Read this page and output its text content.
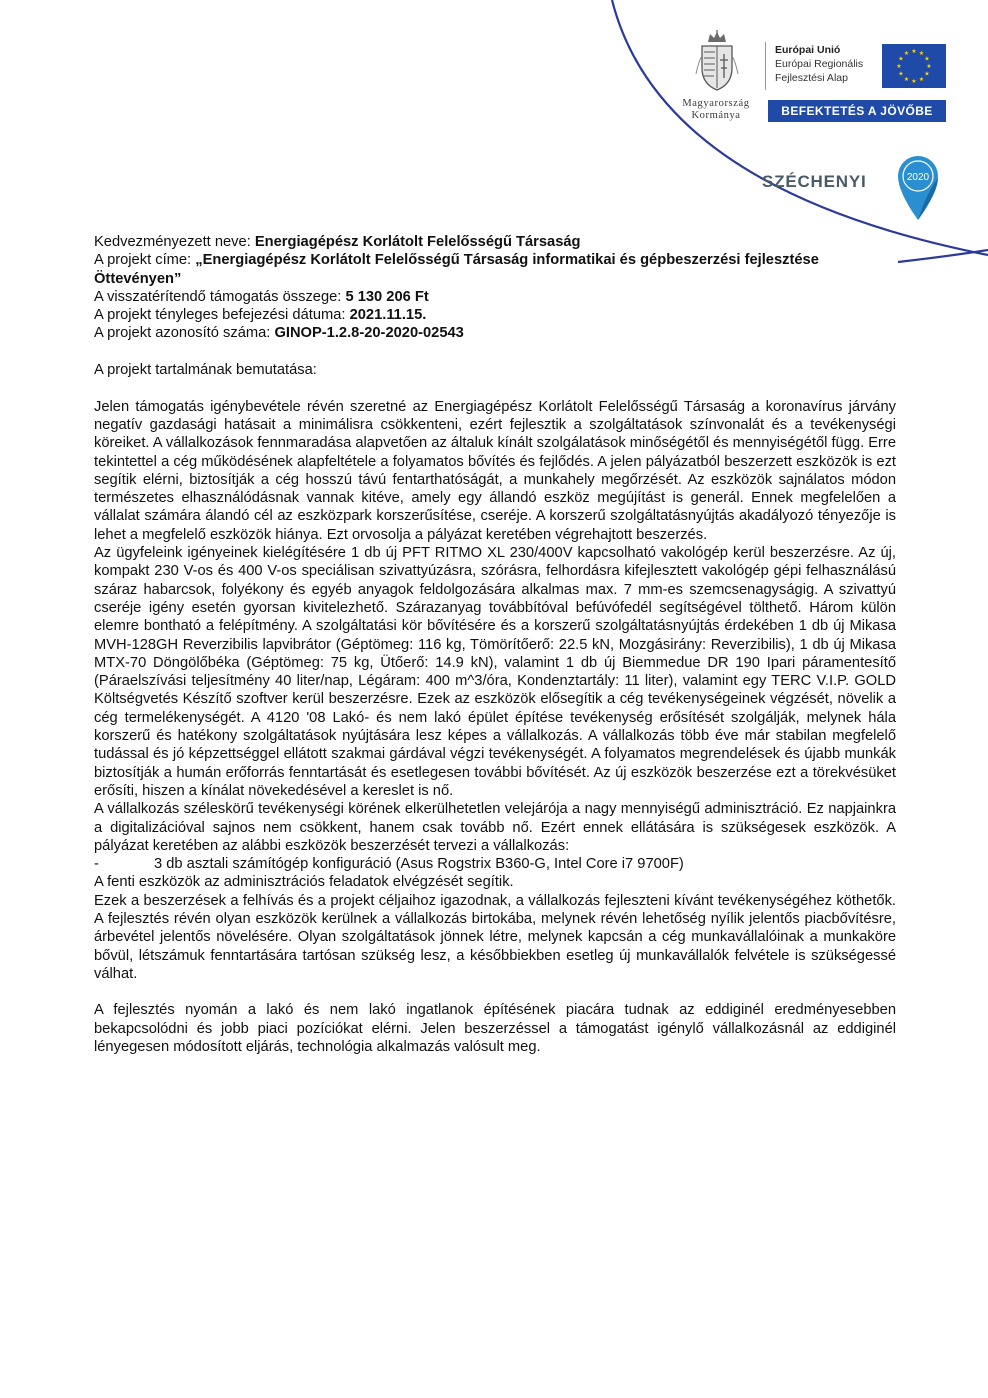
Magyarország
Kormánya
Európai Unió
Európai Regionális
Fejlesztési Alap
★ ★
★
★
★
★
★
★
★
★
★
★
BEFEKTETÉS A JÖVŐBE
SZÉCHENYI	2020

Kedvezményezett neve: Energiagépész Korlátolt Felelősségű Társaság

A projekt címe: „Energiagépész Korlátolt Felelősségű Társaság informatikai és gépbeszerzési fejlesztése Öttevényen”

A visszatérítendő támogatás összege: 5 130 206 Ft

A projekt tényleges befejezési dátuma: 2021.11.15.

A projekt azonosító száma: GINOP-1.2.8-20-2020-02543

A projekt tartalmának bemutatása:

Jelen támogatás igénybevétele révén szeretné az Energiagépész Korlátolt Felelősségű Társaság a koronavírus járvány negatív gazdasági hatásait a minimálisra csökkenteni, ezért fejlesztik a szolgáltatások színvonalát és a tevékenységi köreiket. A vállalkozások fennmaradása alapvetően az általuk kínált szolgálatások minőségétől és mennyiségétől függ. Erre tekintettel a cég működésének alapfeltétele a folyamatos bővítés és fejlődés. A jelen pályázatból beszerzett eszközök is ezt segítik elérni, biztosítják a cég hosszú távú fentarthatóságát, a munkahely megőrzését. Az eszközök sajnálatos módon természetes elhasználódásnak vannak kitéve, amely egy állandó eszköz megújítást is generál. Ennek megfelelően a vállalat számára álandó cél az eszközpark korszerűsítése, cseréje. A korszerű szolgáltatásnyújtás akadályozó tényezője is lehet a megfelelő eszközök hiánya. Ezt orvosolja a pályázat keretében végrehajtott beszerzés.

Az ügyfeleink igényeinek kielégítésére 1 db új PFT RITMO XL 230/400V kapcsolható vakológép kerül beszerzésre. Az új, kompakt 230 V-os és 400 V-os speciálisan szivattyúzásra, szórásra, felhordásra kifejlesztett vakológép gépi felhasználású száraz habarcsok, folyékony és egyéb anyagok feldolgozására alkalmas max. 7 mm-es szemcsenagyságig. A szivattyú cseréje igény esetén gyorsan kivitelezhető. Szárazanyag továbbítóval befúvófedél segítségével tölthető. Három külön elemre bontható a felépítmény. A szolgáltatási kör bővítésére és a korszerű szolgáltatásnyújtás érdekében 1 db új Mikasa MVH-128GH Reverzibilis lapvibrátor (Géptömeg: 116 kg, Tömörítőerő: 22.5 kN, Mozgásirány: Reverzibilis), 1 db új Mikasa MTX-70 Döngölőbéka (Géptömeg: 75 kg, Ütőerő: 14.9 kN), valamint 1 db új Biemmedue DR 190 Ipari páramentesítő (Páraelszívási teljesítmény 40 liter/nap, Légáram: 400 m^3/óra, Kondenztartály: 11 liter), valamint egy TERC V.I.P. GOLD Költségvetés Készítő szoftver kerül beszerzésre. Ezek az eszközök elősegítik a cég tevékenységeinek végzését, növelik a cég termelékenységét. A 4120 '08 Lakó- és nem lakó épület építése tevékenység erősítését szolgálják, melynek hála korszerű és hatékony szolgáltatások nyújtására lesz képes a vállalkozás. A vállalkozás több éve már stabilan megfelelő tudással és jó képzettséggel ellátott szakmai gárdával végzi tevékenységét. A folyamatos megrendelések és újabb munkák biztosítják a humán erőforrás fenntartását és esetlegesen további bővítését. Az új eszközök beszerzése ezt a törekvésüket erősíti, hiszen a kínálat növekedésével a kereslet is nő.

A vállalkozás széleskörű tevékenységi körének elkerülhetetlen velejárója a nagy mennyiségű adminisztráció. Ez napjainkra a digitalizációval sajnos nem csökkent, hanem csak tovább nő. Ezért ennek ellátására is szükségesek eszközök. A pályázat keretében az alábbi eszközök beszerzését tervezi a vállalkozás:

-	3 db asztali számítógép konfiguráció (Asus Rogstrix B360-G, Intel Core i7 9700F)

A fenti eszközök az adminisztrációs feladatok elvégzését segítik.

Ezek a beszerzések a felhívás és a projekt céljaihoz igazodnak, a vállalkozás fejleszteni kívánt tevékenységéhez köthetők. A fejlesztés révén olyan eszközök kerülnek a vállalkozás birtokába, melynek révén lehetőség nyílik jelentős piacbővítésre, árbevétel jelentős növelésére. Olyan szolgáltatások jönnek létre, melynek kapcsán a cég munkavállalóinak a munkaköre bővül, létszámuk fenntartására tartósan szükség lesz, a későbbiekben esetleg új munkavállalók felvétele is szükségessé válhat.

A fejlesztés nyomán a lakó és nem lakó ingatlanok építésének piacára tudnak az eddiginél eredményesebben bekapcsolódni és jobb piaci pozíciókat elérni. Jelen beszerzéssel a támogatást igénylő vállalkozásnál az eddiginél lényegesen módosított eljárás, technológia alkalmazás valósult meg.
